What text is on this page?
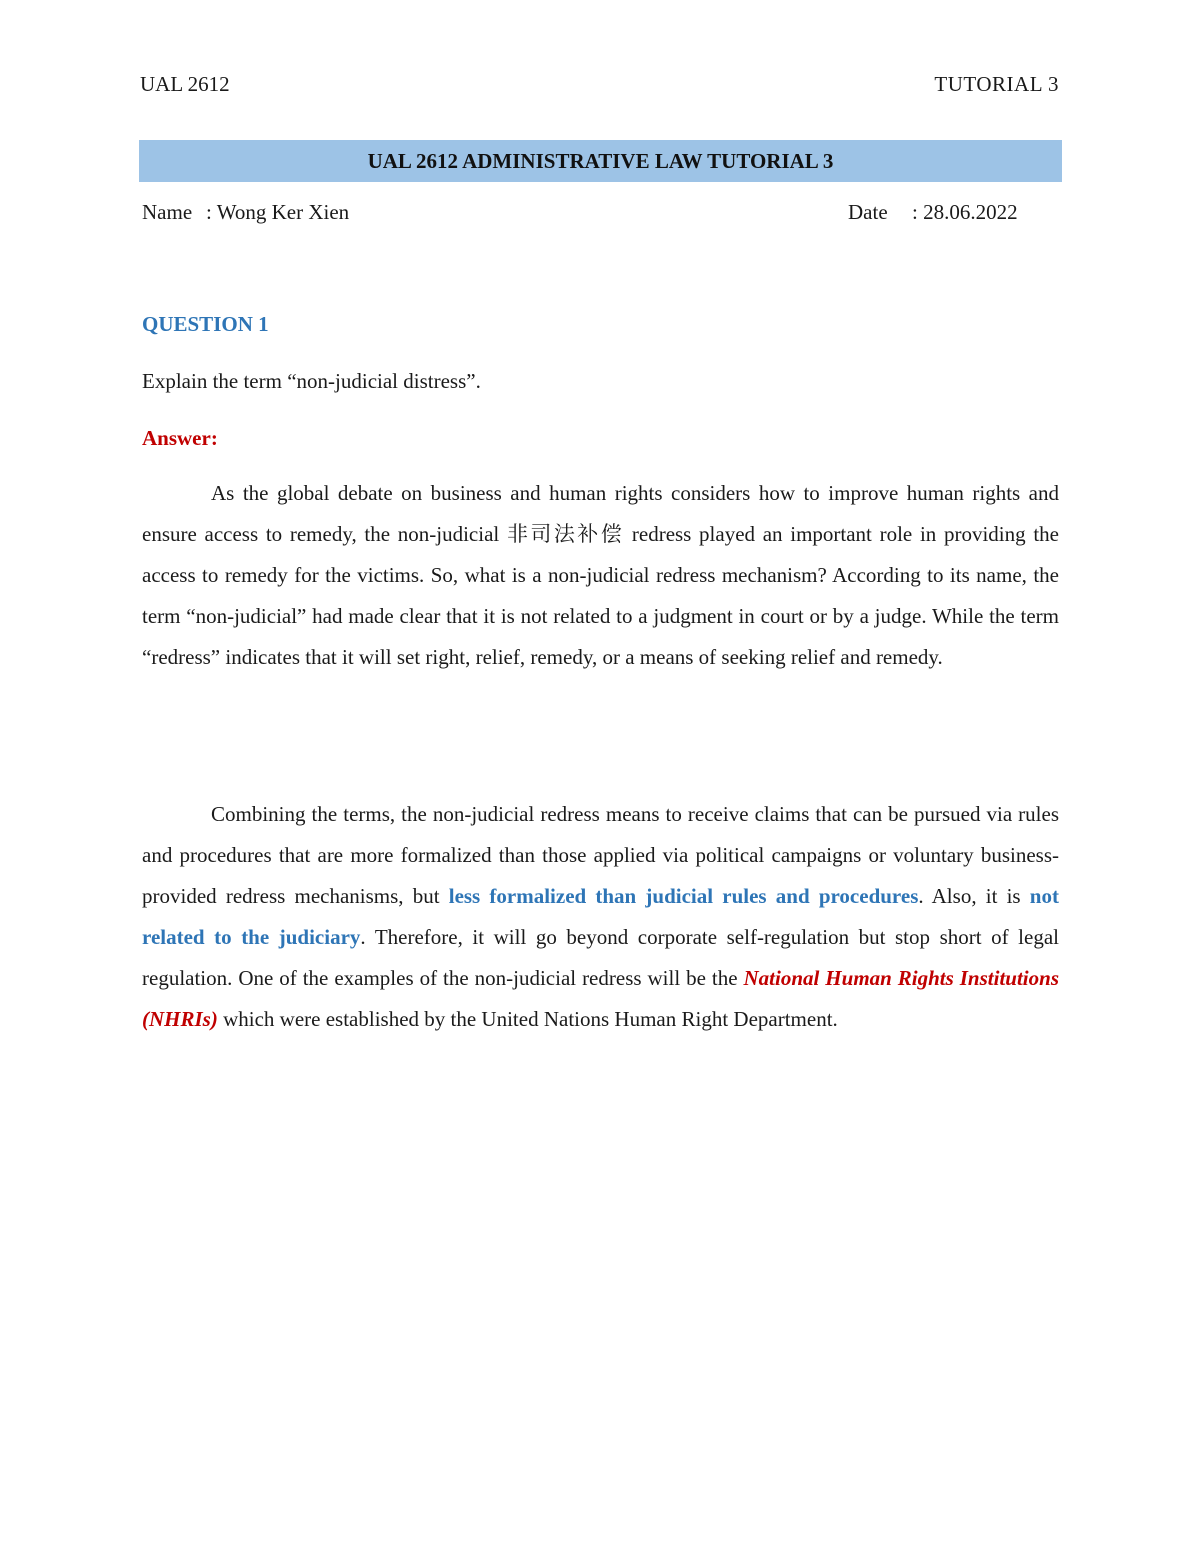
UAL 2612	TUTORIAL 3
UAL 2612 ADMINISTRATIVE LAW TUTORIAL 3
Name : Wong Ker Xien	Date : 28.06.2022
QUESTION 1
Explain the term “non-judicial distress”.
Answer:

As the global debate on business and human rights considers how to improve human rights and ensure access to remedy, the non-judicial 非司法补偿 redress played an important role in providing the access to remedy for the victims. So, what is a non-judicial redress mechanism? According to its name, the term “non-judicial” had made clear that it is not related to a judgment in court or by a judge. While the term “redress” indicates that it will set right, relief, remedy, or a means of seeking relief and remedy.

Combining the terms, the non-judicial redress means to receive claims that can be pursued via rules and procedures that are more formalized than those applied via political campaigns or voluntary business-provided redress mechanisms, but less formalized than judicial rules and procedures. Also, it is not related to the judiciary. Therefore, it will go beyond corporate self-regulation but stop short of legal regulation. One of the examples of the non-judicial redress will be the National Human Rights Institutions (NHRIs) which were established by the United Nations Human Right Department.
